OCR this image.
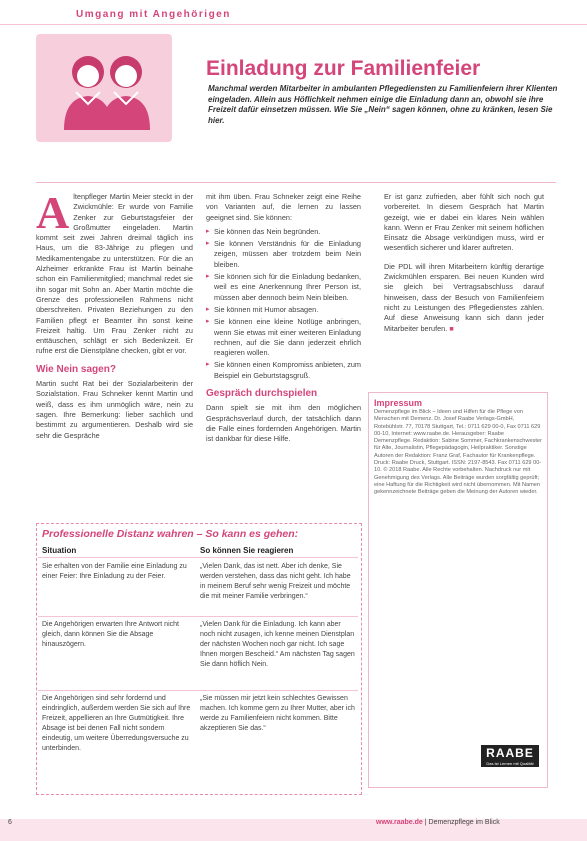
Umgang mit Angehörigen
Einladung zur Familienfeier
Manchmal werden Mitarbeiter in ambulanten Pflegediensten zu Familienfeiern ihrer Klienten eingeladen. Allein aus Höflichkeit nehmen einige die Einladung dann an, obwohl sie ihre Freizeit dafür einsetzen müssen. Wie Sie „Nein“ sagen können, ohne zu kränken, lesen Sie hier.
A ltenpfleger Martin Meier steckt in der Zwickmühle: Er wurde von Familie Zenker zur Geburtstagsfeier der Großmutter eingeladen. Martin kommt seit zwei Jahren dreimal täglich ins Haus, um die 83-Jährige zu pflegen und Medikamentengabe zu unterstützen. Für die an Alzheimer erkrankte Frau ist Martin beinahe schon ein Familienmitglied; manchmal redet sie ihn sogar mit Sohn an. Aber Martin möchte die Grenze des professionellen Rahmens nicht überschreiten. Privaten Beziehungen zu den Familien pflegt er Beamter ihn sonst keine Freizeit haltig. Um Frau Zenker nicht zu enttäuschen, schlägt er sich Bedenkzeit. Er rufne erst die Dienstpläne checken, gibt er vor.
Wie Nein sagen?
Martin sucht Rat bei der Sozialarbeiterin der Sozialstation. Frau Schneker kennt Martin und weiß, dass es ihm unmöglich wäre, nein zu sagen. Ihre Bemerkung: lieber sachlich und bestimmt zu argumentieren. Deshalb wird sie sehr die Gespräche
mit ihm üben. Frau Schneker zeigt eine Reihe von Varianten auf, die lernen zu lassen geeignet sind. Sie können:
▸ Sie können das Nein begründen.
▸ Sie können Verständnis für die Einladung zeigen, müssen aber trotzdem beim Nein bleiben.
▸ Sie können sich für die Einladung bedanken, weil es eine Anerkennung Ihrer Person ist, müssen aber dennoch beim Nein bleiben.
▸ Sie können mit Humor absagen.
▸ Sie können eine kleine Notlüge anbringen, wenn Sie etwas mit einer weiteren Einladung rechnen, auf die Sie dann jederzeit ehrlich reagieren wollen.
▸ Sie können einen Kompromiss anbieten, zum Beispiel ein Geburtstagsgruß.
Gespräch durchspielen
Dann spielt sie mit ihm den möglichen Gesprächsverlauf durch, der tatsächlich dann die Falle eines fordernden Angehörigen. Martin ist dankbar für diese Hilfe.
Er ist ganz zufrieden, aber fühlt sich noch gut vorbereitet. In diesem Gespräch hat Martin gezeigt, wie er dabei ein klares Nein wählen kann. Wenn er Frau Zenker mit seinem höflichen Einsatz die Absage verkündigen muss, wird er wesentlich sicherer und klarer auftreten.
Die PDL will ihren Mitarbeitern künftig derartige Zwickmühlen ersparen. Bei neuen Kunden wird sie gleich bei Vertragsabschluss darauf hinweisen, dass der Besuch von Familienfeiern nicht zu Leistungen des Pflegedienstes zählen. Auf diese Anweisung kann sich dann jeder Mitarbeiter berufen. ■
Impressum
Demenzpflege im Blick – Ideen und Hilfen für die Pflege von Menschen mit Demenz. Dr. Josef Raabe Verlags-GmbH, Rotebühlstr. 77, 70178 Stuttgart, Tel.: 0711 629 00-0, Fax 0711 629 00-10, Internet: www.raabe.de. Herausgeber: Raabe Demenzpflege. Redaktion: Sabine Sommer, Fachkrankenschwester für Alte, Journalistin, Pflegepädagogin, Heilpraktiker. Sonstige Autoren der Redaktion: Franz Graf, Fachautor für Krankenpflege. Druck: Raabe Druck, Stuttgart. ISSN: 2197-8543. Fax 0711 629 00-10. © 2018 Raabe. Alle Rechte vorbehalten. Nachdruck nur mit Genehmigung des Verlags. Alle Beiträge wurden sorgfältig geprüft; eine Haftung für die Richtigkeit wird nicht übernommen. Mit Namen gekennzeichnete Beiträge geben die Meinung der Autoren wieder.
RAABE
Das ist Lernen mit Qualität
Professionelle Distanz wahren – So kann es gehen:
Situation	So können Sie reagieren
Sie erhalten von der Familie eine Einladung zu einer Feier: Ihre Einladung zu der Feier.
„Vielen Dank, das ist nett. Aber ich denke, Sie werden verstehen, dass das nicht geht. Ich habe in meinem Beruf sehr wenig Freizeit und möchte die mit meiner Familie verbringen.“
Die Angehörigen erwarten Ihre Antwort nicht gleich, dann können Sie die Absage hinauszögern.
„Vielen Dank für die Einladung. Ich kann aber noch nicht zusagen, ich kenne meinen Dienstplan der nächsten Wochen noch gar nicht. Ich sage Ihnen morgen Bescheid.“ Am nächsten Tag sagen Sie dann höflich Nein.
Die Angehörigen sind sehr fordernd und eindringlich, außerdem werden Sie sich auf Ihre Freizeit, appellieren an Ihre Gutmütigkeit. Ihre Absage ist bei denen Fall nicht sondern eindeutig, um weitere Überredungsversuche zu unterbinden.
„Sie müssen mir jetzt kein schlechtes Gewissen machen. Ich komme gern zu Ihrer Mutter, aber ich werde zu Familienfeiern nicht kommen. Bitte akzeptieren Sie das.“
6	www.raabe.de | Demenzpflege im Blick
